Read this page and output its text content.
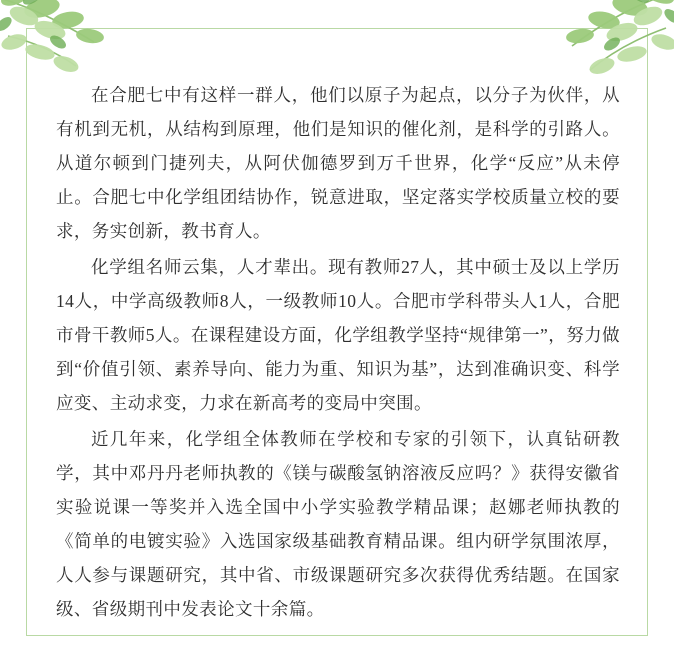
在合肥七中有这样一群人，他们以原子为起点，以分子为伙伴，从有机到无机，从结构到原理，他们是知识的催化剂，是科学的引路人。从道尔顿到门捷列夫，从阿伏伽德罗到万千世界，化学“反应”从未停止。合肥七中化学组团结协作，锐意进取，坚定落实学校质量立校的要求，务实创新，教书育人。

化学组名师云集，人才辈出。现有教师27人，其中硕士及以上学历14人，中学高级教师8人，一级教师10人。合肥市学科带头人1人，合肥市骨干教师5人。在课程建设方面，化学组教学坚持“规律第一”，努力做到“价值引领、素养导向、能力为重、知识为基”，达到准确识变、科学应变、主动求变，力求在新高考的变局中突围。

近几年来，化学组全体教师在学校和专家的引领下，认真钻研教学，其中邓丹丹老师执教的《镁与碳酸氢钠溶液反应吗？》获得安徽省实验说课一等奖并入选全国中小学实验教学精品课；赵娜老师执教的《简单的电镀实验》入选国家级基础教育精品课。组内研学氛围浓厚，人人参与课题研究，其中省、市级课题研究多次获得优秀结题。在国家级、省级期刊中发表论文十余篇。
